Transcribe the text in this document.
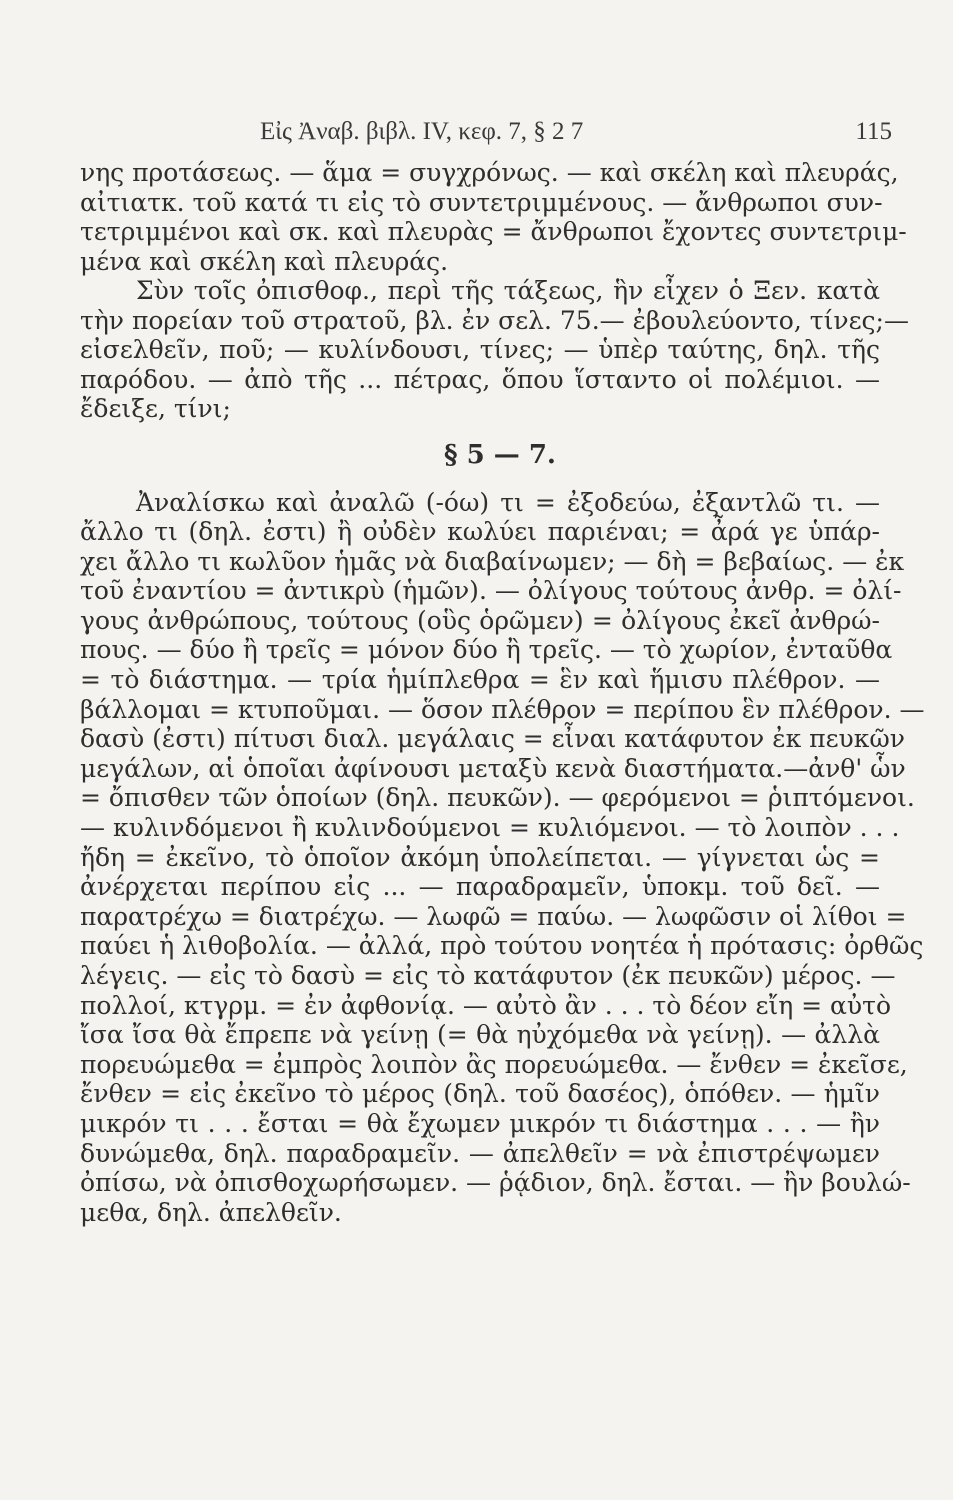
Εἰς Ἀναβ. βιβλ. IV, κεφ. 7, § 2 7	115
νης προτάσεως. — ἅμα = συγχρόνως. — καὶ σκέλη καὶ πλευράς,
αἰτιατκ. τοῦ κατά τι εἰς τὸ συντετριμμένους. — ἄνθρωποι συν-
τετριμμένοι καὶ σκ. καὶ πλευρὰς = ἄνθρωποι ἔχοντες συντετριμ-
μένα καὶ σκέλη καὶ πλευράς.
Σὺν τοῖς ὀπισθοφ., περὶ τῆς τάξεως, ἣν εἶχεν ὁ Ξεν. κατὰ
τὴν πορείαν τοῦ στρατοῦ, βλ. ἐν σελ. 75.— ἐβουλεύοντο, τίνες;—
εἰσελθεῖν, ποῦ; — κυλίνδουσι, τίνες; — ὑπὲρ ταύτης, δηλ. τῆς
παρόδου. — ἀπὸ τῆς ... πέτρας, ὅπου ἵσταντο οἱ πολέμιοι. —
ἔδειξε, τίνι;
§ 5 — 7.
Ἀναλίσκω καὶ ἀναλῶ (-όω) τι = ἐξοδεύω, ἐξαντλῶ τι. —
ἄλλο τι (δηλ. ἐστι) ἢ οὐδὲν κωλύει παριέναι; = ἆρά γε ὑπάρ-
χει ἄλλο τι κωλῦον ἡμᾶς νὰ διαβαίνωμεν; — δὴ = βεβαίως. — ἐκ
τοῦ ἐναντίου = ἀντικρὺ (ἡμῶν). — ὀλίγους τούτους ἀνθρ. = ὀλί-
γους ἀνθρώπους, τούτους (οὓς ὁρῶμεν) = ὀλίγους ἐκεῖ ἀνθρώ-
πους. — δύο ἢ τρεῖς = μόνον δύο ἢ τρεῖς. — τὸ χωρίον, ἐνταῦθα
= τὸ διάστημα. — τρία ἡμίπλεθρα = ἓν καὶ ἥμισυ πλέθρον. —
βάλλομαι = κτυποῦμαι. — ὅσον πλέθρον = περίπου ἓν πλέθρον. —
δασὺ (ἐστι) πίτυσι διαλ. μεγάλαις = εἶναι κατάφυτον ἐκ πευκῶν
μεγάλων, αἱ ὁποῖαι ἀφίνουσι μεταξὺ κενὰ διαστήματα.—ἀνθ' ὧν
= ὄπισθεν τῶν ὁποίων (δηλ. πευκῶν). — φερόμενοι = ῥιπτόμενοι.
— κυλινδόμενοι ἢ κυλινδούμενοι = κυλιόμενοι. — τὸ λοιπὸν . . .
ἤδη = ἐκεῖνο, τὸ ὁποῖον ἀκόμη ὑπολείπεται. — γίγνεται ὡς =
ἀνέρχεται περίπου εἰς ... — παραδραμεῖν, ὑποκμ. τοῦ δεῖ. —
παρατρέχω = διατρέχω. — λωφῶ = παύω. — λωφῶσιν οἱ λίθοι =
παύει ἡ λιθοβολία. — ἀλλά, πρὸ τούτου νοητέα ἡ πρότασις: ὀρθῶς
λέγεις. — εἰς τὸ δασὺ = εἰς τὸ κατάφυτον (ἐκ πευκῶν) μέρος. —
πολλοί, κτγρμ. = ἐν ἀφθονίᾳ. — αὐτὸ ἂν . . . τὸ δέον εἴη = αὐτὸ
ἴσα ἴσα θὰ ἔπρεπε νὰ γείνῃ (= θὰ ηὐχόμεθα νὰ γείνῃ). — ἀλλὰ
πορευώμεθα = ἐμπρὸς λοιπὸν ἂς πορευώμεθα. — ἔνθεν = ἐκεῖσε,
ἔνθεν = εἰς ἐκεῖνο τὸ μέρος (δηλ. τοῦ δασέος), ὁπόθεν. — ἡμῖν
μικρόν τι . . . ἔσται = θὰ ἔχωμεν μικρόν τι διάστημα . . . — ἢν
δυνώμεθα, δηλ. παραδραμεῖν. — ἀπελθεῖν = νὰ ἐπιστρέψωμεν
ὀπίσω, νὰ ὀπισθοχωρήσωμεν. — ῥᾴδιον, δηλ. ἔσται. — ἢν βουλώ-
μεθα, δηλ. ἀπελθεῖν.
